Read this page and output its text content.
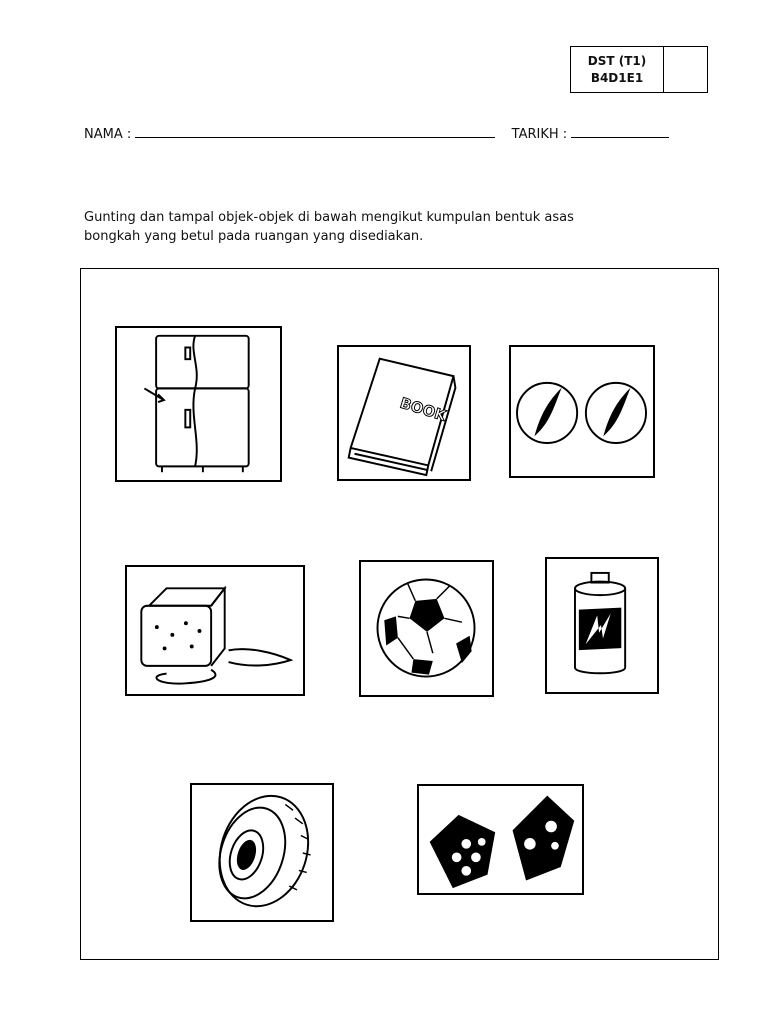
DST (T1)
B4D1E1
NAMA :	TARIKH :
Gunting dan tampal objek-objek di bawah mengikut kumpulan bentuk asas
bongkah yang betul pada ruangan yang disediakan.
BOOK
